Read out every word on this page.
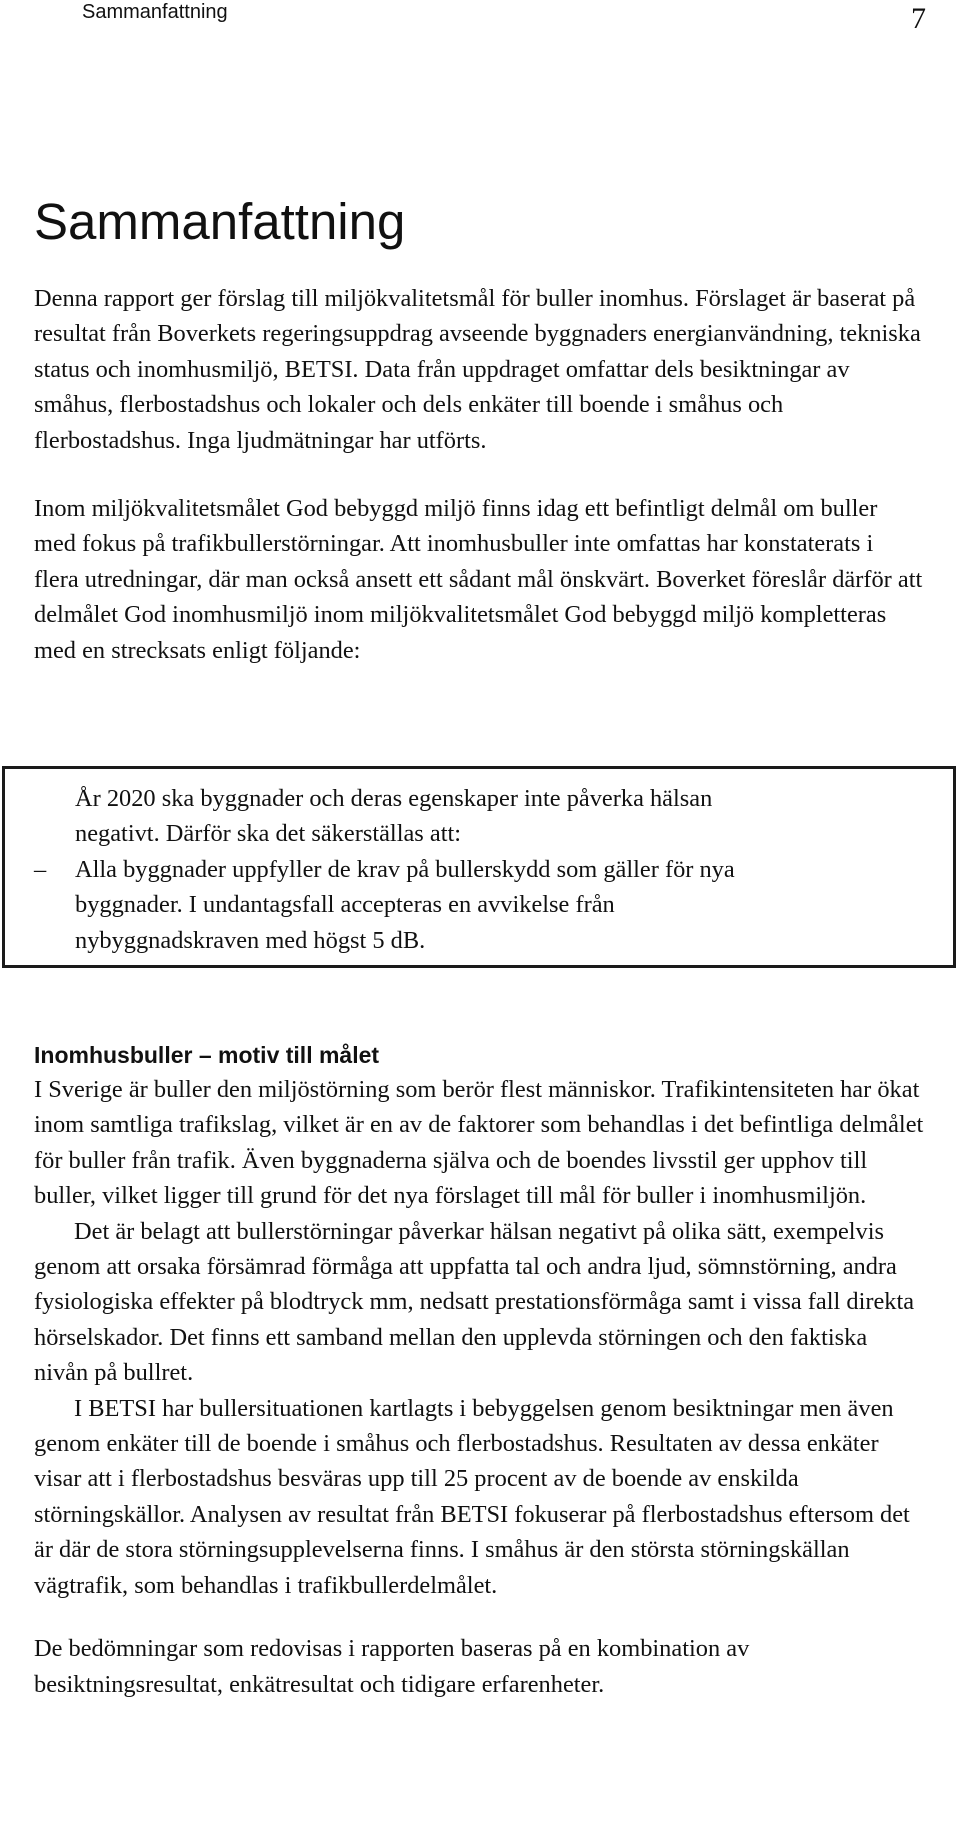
Sammanfattning	7
Sammanfattning

Denna rapport ger förslag till miljökvalitetsmål för buller inomhus. Förslaget är baserat på resultat från Boverkets regeringsuppdrag avseende byggnaders energianvändning, tekniska status och inomhusmiljö, BETSI. Data från uppdraget omfattar dels besiktningar av småhus, flerbostadshus och lokaler och dels enkäter till boende i småhus och flerbostadshus. Inga ljudmätningar har utförts.

Inom miljökvalitetsmålet God bebyggd miljö finns idag ett befintligt delmål om buller med fokus på trafikbullerstörningar. Att inomhusbuller inte omfattas har konstaterats i flera utredningar, där man också ansett ett sådant mål önskvärt. Boverket föreslår därför att delmålet God inomhusmiljö inom miljökvalitetsmålet God bebyggd miljö kompletteras med en strecksats enligt följande:

År 2020 ska byggnader och deras egenskaper inte påverka hälsan negativt. Därför ska det säkerställas att:
– Alla byggnader uppfyller de krav på bullerskydd som gäller för nya byggnader. I undantagsfall accepteras en avvikelse från nybyggnadskraven med högst 5 dB.
Inomhusbuller – motiv till målet

I Sverige är buller den miljöstörning som berör flest människor. Trafikintensiteten har ökat inom samtliga trafikslag, vilket är en av de faktorer som behandlas i det befintliga delmålet för buller från trafik. Även byggnaderna själva och de boendes livsstil ger upphov till buller, vilket ligger till grund för det nya förslaget till mål för buller i inomhusmiljön.

Det är belagt att bullerstörningar påverkar hälsan negativt på olika sätt, exempelvis genom att orsaka försämrad förmåga att uppfatta tal och andra ljud, sömnstörning, andra fysiologiska effekter på blodtryck mm, nedsatt prestationsförmåga samt i vissa fall direkta hörselskador. Det finns ett samband mellan den upplevda störningen och den faktiska nivån på bullret.

I BETSI har bullersituationen kartlagts i bebyggelsen genom besiktningar men även genom enkäter till de boende i småhus och flerbostadshus. Resultaten av dessa enkäter visar att i flerbostadshus besväras upp till 25 procent av de boende av enskilda störningskällor. Analysen av resultat från BETSI fokuserar på flerbostadshus eftersom det är där de stora störningsupplevelserna finns. I småhus är den största störningskällan vägtrafik, som behandlas i trafikbullerdelmålet.

De bedömningar som redovisas i rapporten baseras på en kombination av besiktningsresultat, enkätresultat och tidigare erfarenheter.
